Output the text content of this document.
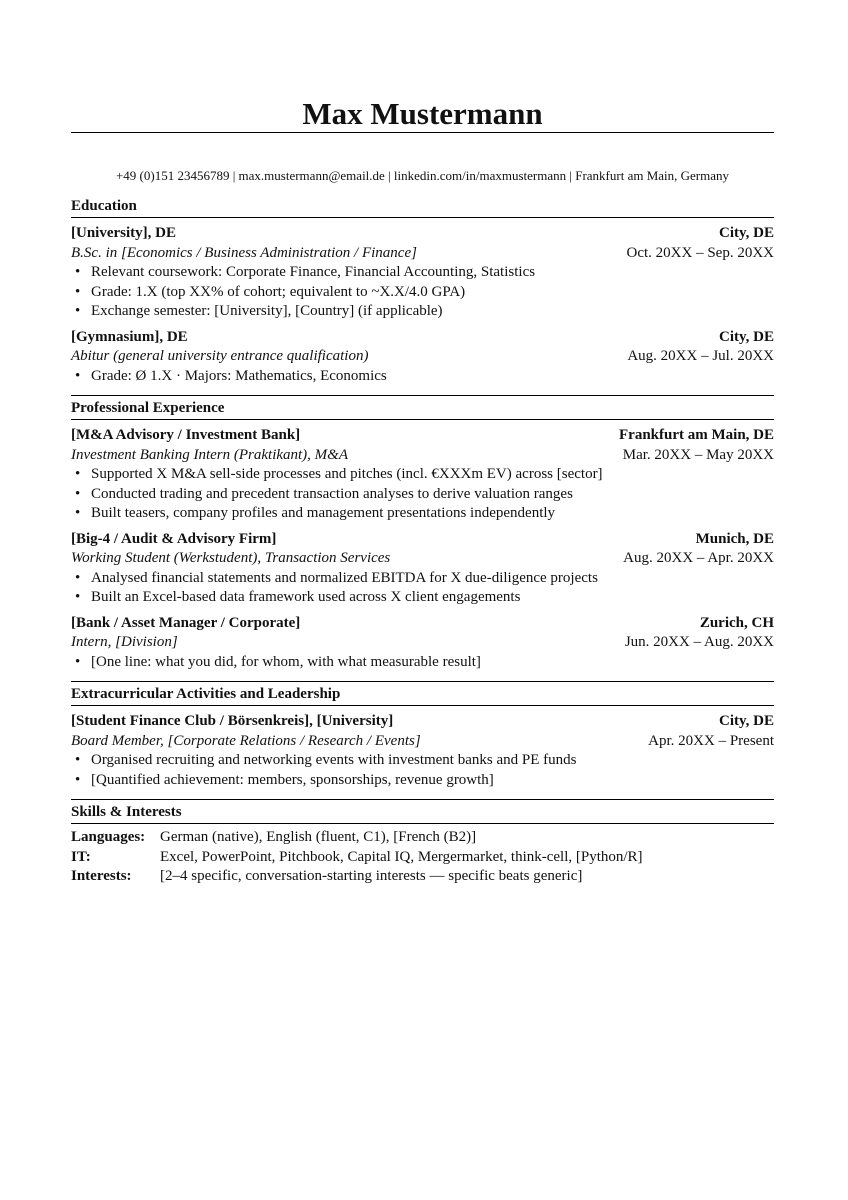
Max Mustermann
+49 (0)151 23456789 | max.mustermann@email.de | linkedin.com/in/maxmustermann | Frankfurt am Main, Germany
Education
[University], DE	City, DE
B.Sc. in [Economics / Business Administration / Finance]	Oct. 20XX – Sep. 20XX
• Relevant coursework: Corporate Finance, Financial Accounting, Statistics
• Grade: 1.X (top XX% of cohort; equivalent to ~X.X/4.0 GPA)
• Exchange semester: [University], [Country] (if applicable)
[Gymnasium], DE	City, DE
Abitur (general university entrance qualification)	Aug. 20XX – Jul. 20XX
• Grade: Ø 1.X · Majors: Mathematics, Economics
Professional Experience
[M&A Advisory / Investment Bank]	Frankfurt am Main, DE
Investment Banking Intern (Praktikant), M&A	Mar. 20XX – May 20XX
• Supported X M&A sell-side processes and pitches (incl. €XXXm EV) across [sector]
• Conducted trading and precedent transaction analyses to derive valuation ranges
• Built teasers, company profiles and management presentations independently
[Big-4 / Audit & Advisory Firm]	Munich, DE
Working Student (Werkstudent), Transaction Services	Aug. 20XX – Apr. 20XX
• Analysed financial statements and normalized EBITDA for X due-diligence projects
• Built an Excel-based data framework used across X client engagements
[Bank / Asset Manager / Corporate]	Zurich, CH
Intern, [Division]	Jun. 20XX – Aug. 20XX
• [One line: what you did, for whom, with what measurable result]
Extracurricular Activities and Leadership
[Student Finance Club / Börsenkreis], [University]	City, DE
Board Member, [Corporate Relations / Research / Events]	Apr. 20XX – Present
• Organised recruiting and networking events with investment banks and PE funds
• [Quantified achievement: members, sponsorships, revenue growth]
Skills & Interests
Languages: German (native), English (fluent, C1), [French (B2)]
IT:	Excel, PowerPoint, Pitchbook, Capital IQ, Mergermarket, think-cell, [Python/R]
Interests:	[2–4 specific, conversation-starting interests — specific beats generic]
